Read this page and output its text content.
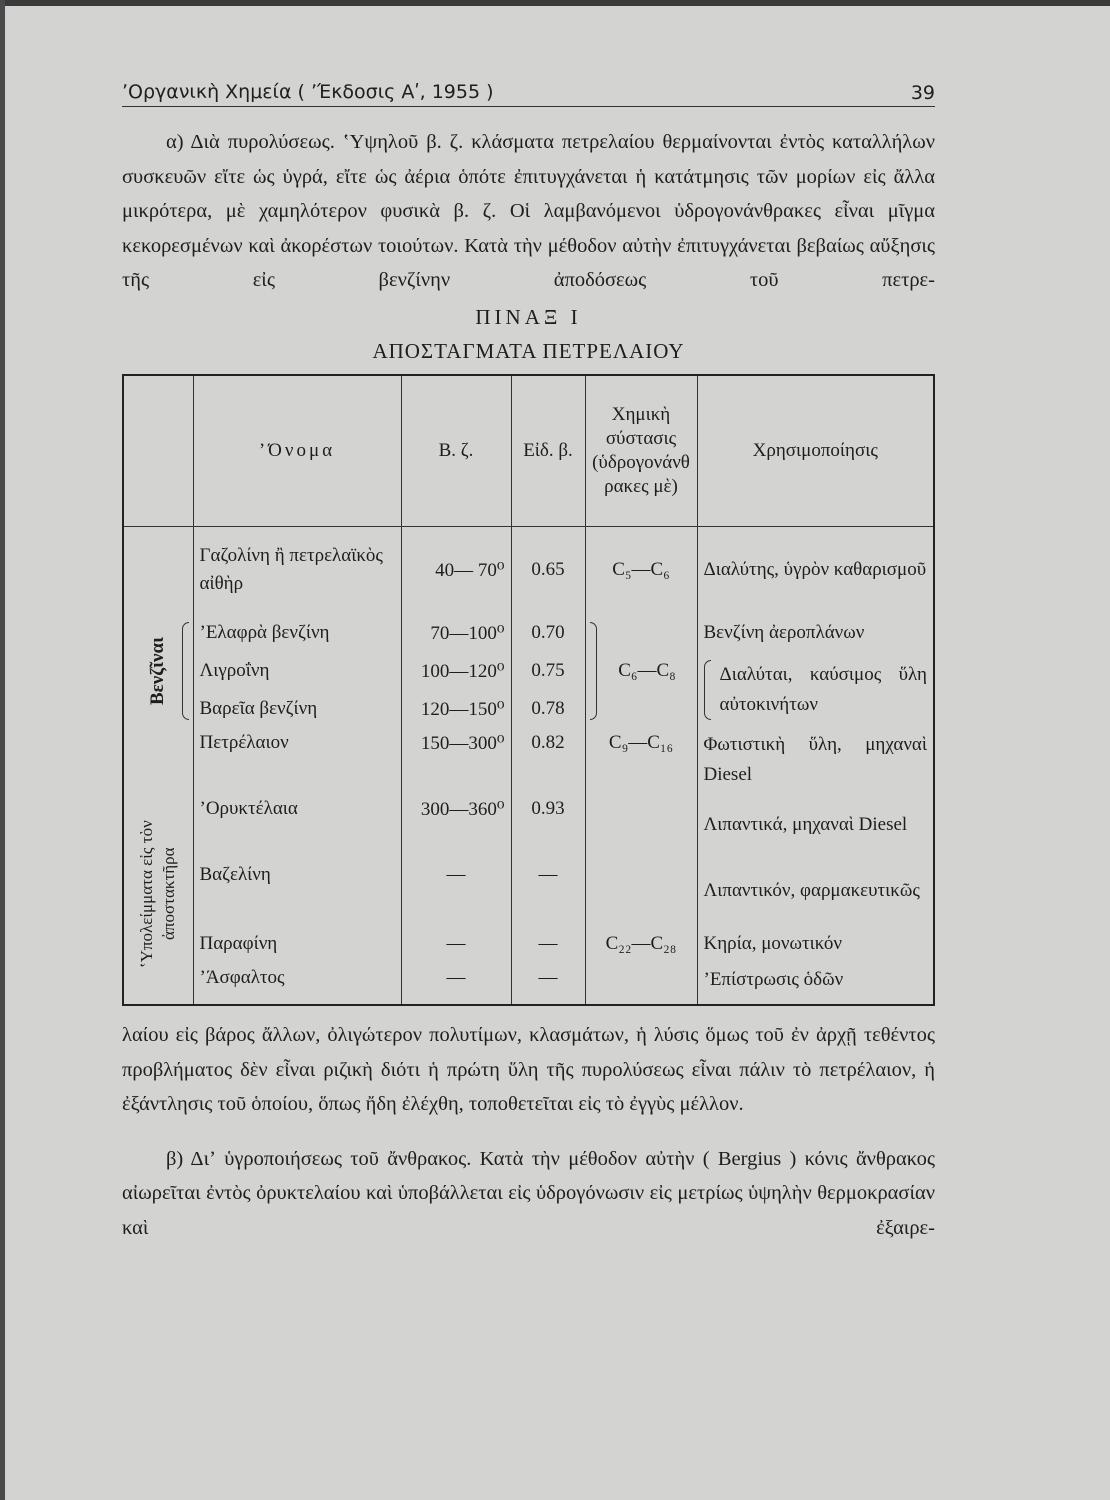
ʼΟργανικὴ Χημεία ( ʼΈκδοσις Αʹ, 1955 )	39
α) Διὰ πυρολύσεως. ʽΥψηλοῦ β. ζ. κλάσματα πετρελαίου θερμαίνονται ἐντὸς καταλλήλων συσκευῶν εἴτε ὡς ὑγρά, εἴτε ὡς ἀέρια ὁπότε ἐπιτυγχάνεται ἡ κατάτμησις τῶν μορίων εἰς ἄλλα μικρότερα, μὲ χαμηλότερον φυσικὰ β. ζ. Οἱ λαμβανόμενοι ὑδρογονάνθρακες εἶναι μῖγμα κεκορεσμένων καὶ ἀκορέστων τοιούτων. Κατὰ τὴν μέθοδον αὐτὴν ἐπιτυγχάνεται βεβαίως αὔξησις τῆς εἰς βενζίνην ἀποδόσεως τοῦ πετρε-
ΠΙΝΑΞ Ι
ΑΠΟΣΤΑΓΜΑΤΑ ΠΕΤΡΕΛΑΙΟΥ
	ʼΌνομα	Β. ζ.	Εἰδ. β.	Χημικὴ σύστασις (ὑδρογονάνθρακες μὲ)	Χρησιμοποίησις
	Γαζολίνη ἢ πετρελαϊκὸς αἰθὴρ	40— 70⁰	0.65	C₅—C₆	Διαλύτης, ὑγρὸν καθαρισμοῦ

Βενζῖναι	ʼΕλαφρὰ βενζίνη	70—100⁰	0.70	C₆—C₈	Βενζίνη ἀεροπλάνων
	Λιγροΐνη	100—120⁰	0.75		Διαλύται, καύσιμος ὕλη αὐτοκινήτων
	Βαρεῖα βενζίνη	120—150⁰	0.78		
	Πετρέλαιον	150—300⁰	0.82	C₉—C₁₆	Φωτιστικὴ ὕλη, μηχαναὶ Diesel

ʽΥπολείμματα εἰς τὸν ἀποστακτῆρα	ʼΟρυκτέλαια	300—360⁰	0.93		Λιπαντικά, μηχαναὶ Diesel
	Βαζελίνη	—	—		Λιπαντικόν, φαρμακευτικῶς
	Παραφίνη	—	—	C₂₂—C₂₈	Κηρία, μονωτικόν
	ʼΆσφαλτος	—	—		ʼΕπίστρωσις ὁδῶν
λαίου εἰς βάρος ἄλλων, ὀλιγώτερον πολυτίμων, κλασμάτων, ἡ λύσις ὅμως τοῦ ἐν ἀρχῇ τεθέντος προβλήματος δὲν εἶναι ριζικὴ διότι ἡ πρώτη ὕλη τῆς πυρολύσεως εἶναι πάλιν τὸ πετρέλαιον, ἡ ἐξάντλησις τοῦ ὁποίου, ὅπως ἤδη ἐλέχθη, τοποθετεῖται εἰς τὸ ἐγγὺς μέλλον.
β) Διʼ ὑγροποιήσεως τοῦ ἄνθρακος. Κατὰ τὴν μέθοδον αὐτὴν ( Bergius ) κόνις ἄνθρακος αἰωρεῖται ἐντὸς ὀρυκτελαίου καὶ ὑποβάλλεται εἰς ὑδρογόνωσιν εἰς μετρίως ὑψηλὴν θερμοκρασίαν καὶ ἐξαιρε-
